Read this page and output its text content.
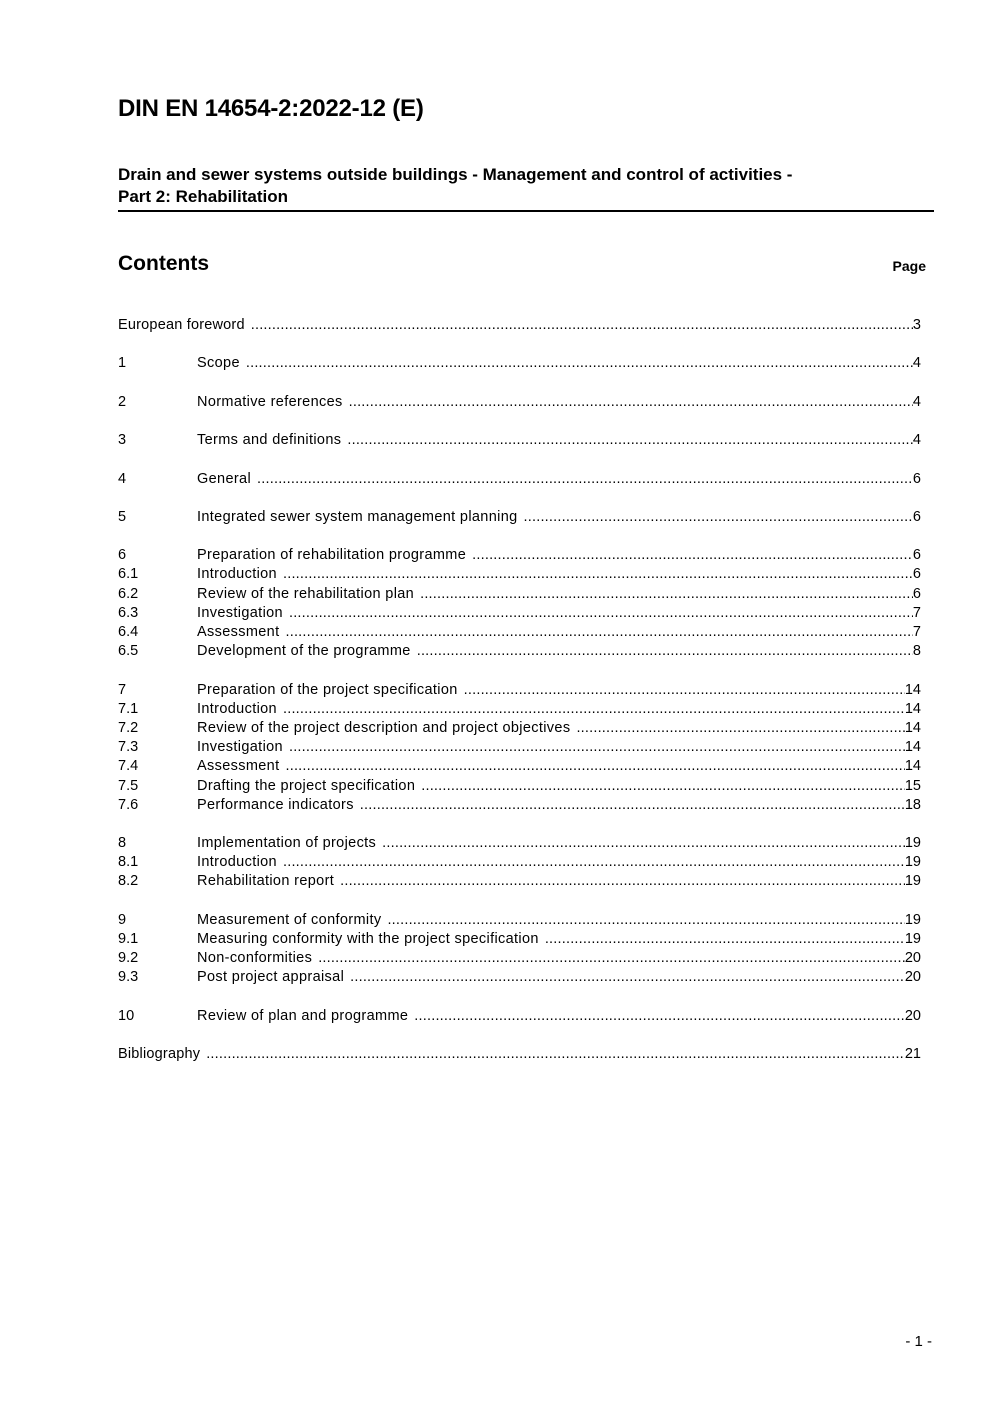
DIN EN 14654-2:2022-12 (E)
Drain and sewer systems outside buildings - Management and control of activities -
Part 2: Rehabilitation
Contents	Page
European foreword .....	3
1	Scope .....	4
2	Normative references .....	4
3	Terms and definitions .....	4
4	General .....	6
5	Integrated sewer system management planning .....	6
6	Preparation of rehabilitation programme .....	6
6.1	Introduction .....	6
6.2	Review of the rehabilitation plan .....	6
6.3	Investigation .....	7
6.4	Assessment .....	7
6.5	Development of the programme .....	8
7	Preparation of the project specification .....	14
7.1	Introduction .....	14
7.2	Review of the project description and project objectives .....	14
7.3	Investigation .....	14
7.4	Assessment .....	14
7.5	Drafting the project specification .....	15
7.6	Performance indicators .....	18
8	Implementation of projects .....	19
8.1	Introduction .....	19
8.2	Rehabilitation report .....	19
9	Measurement of conformity .....	19
9.1	Measuring conformity with the project specification .....	19
9.2	Non-conformities .....	20
9.3	Post project appraisal .....	20
10	Review of plan and programme .....	20
Bibliography .....	21
- 1 -
